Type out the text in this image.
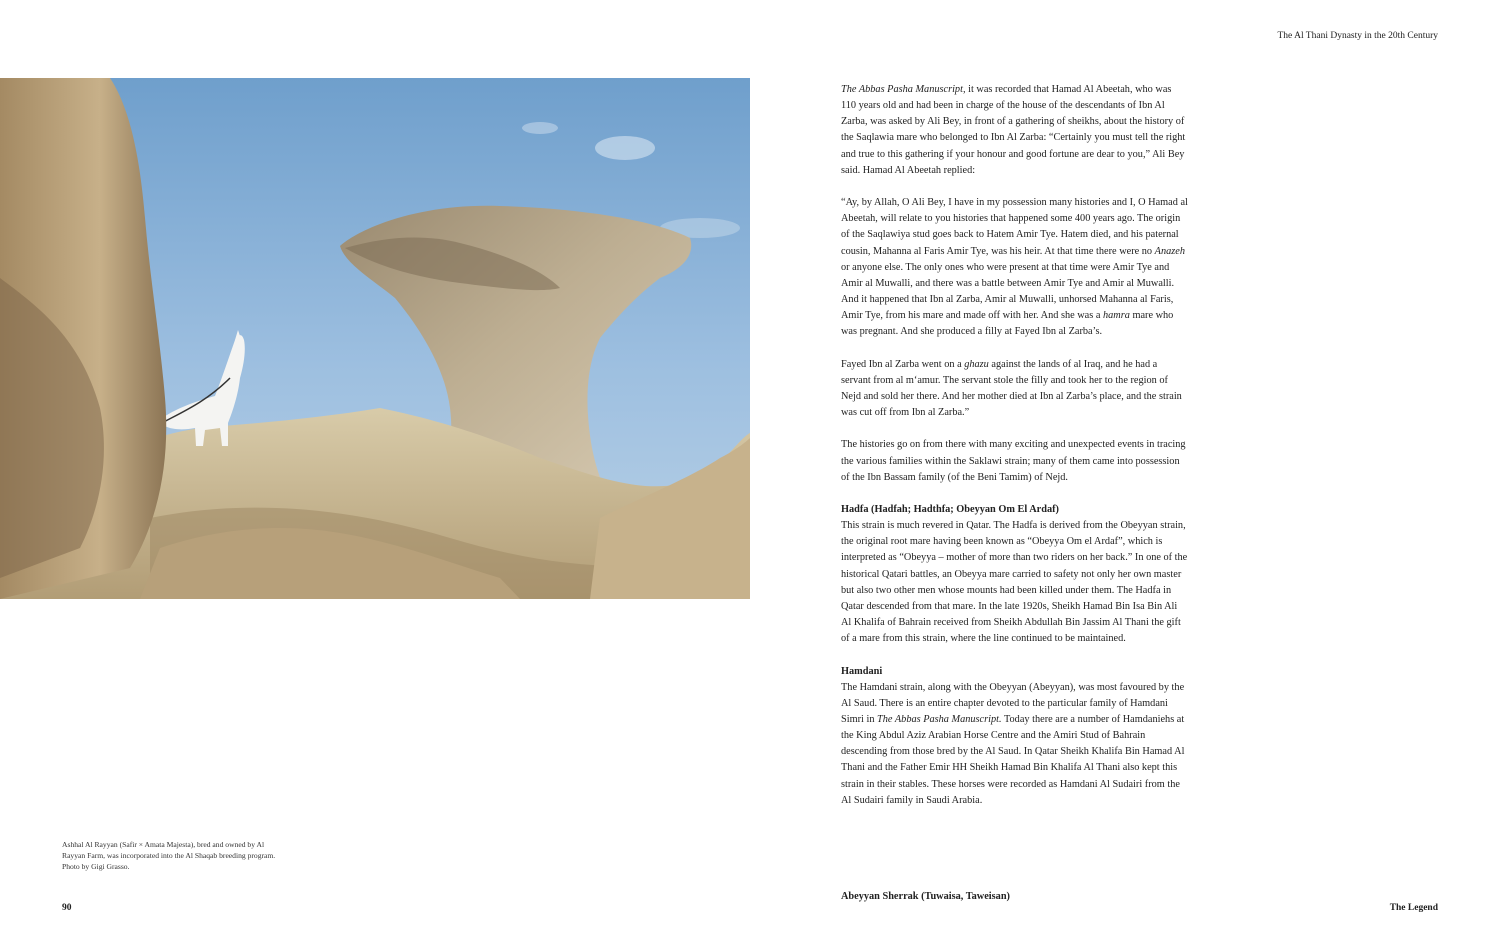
The Al Thani Dynasty in the 20th Century
Ashhal Al Rayyan (Safir × Amata Majesta), bred and owned by Al
Rayyan Farm, was incorporated into the Al Shaqab breeding program.
Photo by Gigi Grasso.
90

The Abbas Pasha Manuscript, it was recorded that Hamad Al Abeetah, who was 110 years old and had been in charge of the house of the descendants of Ibn Al Zarba, was asked by Ali Bey, in front of a gathering of sheikhs, about the history of the Saqlawia mare who belonged to Ibn Al Zarba: “Certainly you must tell the right and true to this gathering if your honour and good fortune are dear to you,” Ali Bey said. Hamad Al Abeetah replied:

“Ay, by Allah, O Ali Bey, I have in my possession many histories and I, O Hamad al Abeetah, will relate to you histories that happened some 400 years ago. The origin of the Saqlawiya stud goes back to Hatem Amir Tye. Hatem died, and his paternal cousin, Mahanna al Faris Amir Tye, was his heir. At that time there were no Anazeh or anyone else. The only ones who were present at that time were Amir Tye and Amir al Muwalli, and there was a battle between Amir Tye and Amir al Muwalli. And it happened that Ibn al Zarba, Amir al Muwalli, unhorsed Mahanna al Faris, Amir Tye, from his mare and made off with her. And she was a hamra mare who was pregnant. And she produced a filly at Fayed Ibn al Zarba’s.

Fayed Ibn al Zarba went on a ghazu against the lands of al Iraq, and he had a servant from al m‘amur. The servant stole the filly and took her to the region of Nejd and sold her there. And her mother died at Ibn al Zarba’s place, and the strain was cut off from Ibn al Zarba.”

The histories go on from there with many exciting and unexpected events in tracing the various families within the Saklawi strain; many of them came into possession of the Ibn Bassam family (of the Beni Tamim) of Nejd.

Hadfa (Hadfah; Hadthfa; Obeyyan Om El Ardaf)

This strain is much revered in Qatar. The Hadfa is derived from the Obeyyan strain, the original root mare having been known as “Obeyya Om el Ardaf”, which is interpreted as “Obeyya – mother of more than two riders on her back.” In one of the historical Qatari battles, an Obeyya mare carried to safety not only her own master but also two other men whose mounts had been killed under them. The Hadfa in Qatar descended from that mare. In the late 1920s, Sheikh Hamad Bin Isa Bin Ali Al Khalifa of Bahrain received from Sheikh Abdullah Bin Jassim Al Thani the gift of a mare from this strain, where the line continued to be maintained.

Hamdani

The Hamdani strain, along with the Obeyyan (Abeyyan), was most favoured by the Al Saud. There is an entire chapter devoted to the particular family of Hamdani Simri in The Abbas Pasha Manuscript. Today there are a number of Hamdaniehs at the King Abdul Aziz Arabian Horse Centre and the Amiri Stud of Bahrain descending from those bred by the Al Saud. In Qatar Sheikh Khalifa Bin Hamad Al Thani and the Father Emir HH Sheikh Hamad Bin Khalifa Al Thani also kept this strain in their stables. These horses were recorded as Hamdani Al Sudairi from the Al Sudairi family in Saudi Arabia.

Abeyyan Sherrak (Tuwaisa, Taweisan)
The Legend
